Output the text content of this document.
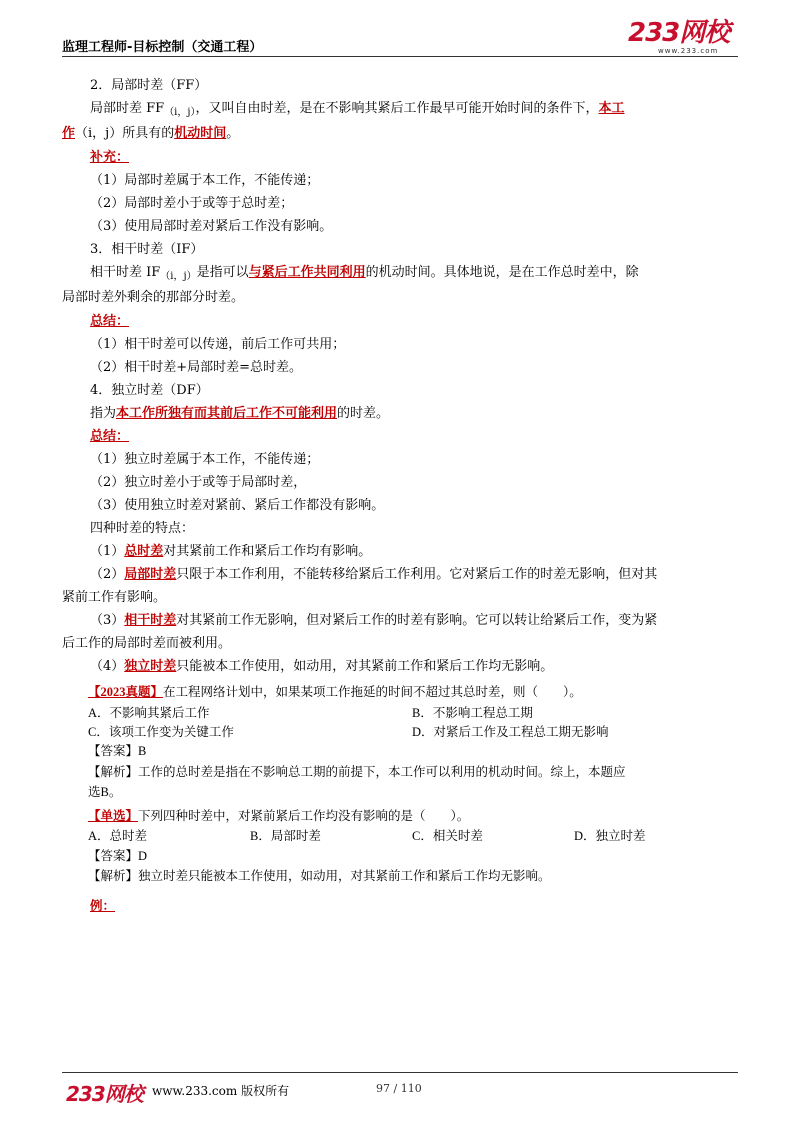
监理工程师-目标控制（交通工程）	233网校
www.233.com
2．局部时差（FF）
局部时差 $FF_{(i,j)}$，又叫自由时差，是在不影响其紧后工作最早可能开始时间的条件下，本工
作（i，j）所具有的机动时间。
补充：
（1）局部时差属于本工作，不能传递；
（2）局部时差小于或等于总时差；
（3）使用局部时差对紧后工作没有影响。
3．相干时差（IF）
相干时差 $IF_{(i,j)}$是指可以与紧后工作共同利用的机动时间。具体地说，是在工作总时差中，除
局部时差外剩余的那部分时差。
总结：
（1）相干时差可以传递，前后工作可共用；
（2）相干时差+局部时差=总时差。
4．独立时差（DF）
指为本工作所独有而其前后工作不可能利用的时差。
总结：
（1）独立时差属于本工作，不能传递；
（2）独立时差小于或等于局部时差，
（3）使用独立时差对紧前、紧后工作都没有影响。
四种时差的特点：
（1）总时差对其紧前工作和紧后工作均有影响。
（2）局部时差只限于本工作利用，不能转移给紧后工作利用。它对紧后工作的时差无影响，但对其
紧前工作有影响。
（3）相干时差对其紧前工作无影响，但对紧后工作的时差有影响。它可以转让给紧后工作，变为紧
后工作的局部时差而被利用。
（4）独立时差只能被本工作使用，如动用，对其紧前工作和紧后工作均无影响。
【2023真题】在工程网络计划中，如果某项工作拖延的时间不超过其总时差，则（　　）。
A．不影响其紧后工作	B．不影响工程总工期
C．该项工作变为关键工作	D．对紧后工作及工程总工期无影响
【答案】B
【解析】工作的总时差是指在不影响总工期的前提下，本工作可以利用的机动时间。综上，本题应
选B。
【单选】下列四种时差中，对紧前紧后工作均没有影响的是（　　）。
A．总时差	B．局部时差	C．相关时差	D．独立时差
【答案】D
【解析】独立时差只能被本工作使用，如动用，对其紧前工作和紧后工作均无影响。
例：
233网校 www.233.com 版权所有	97 / 110
